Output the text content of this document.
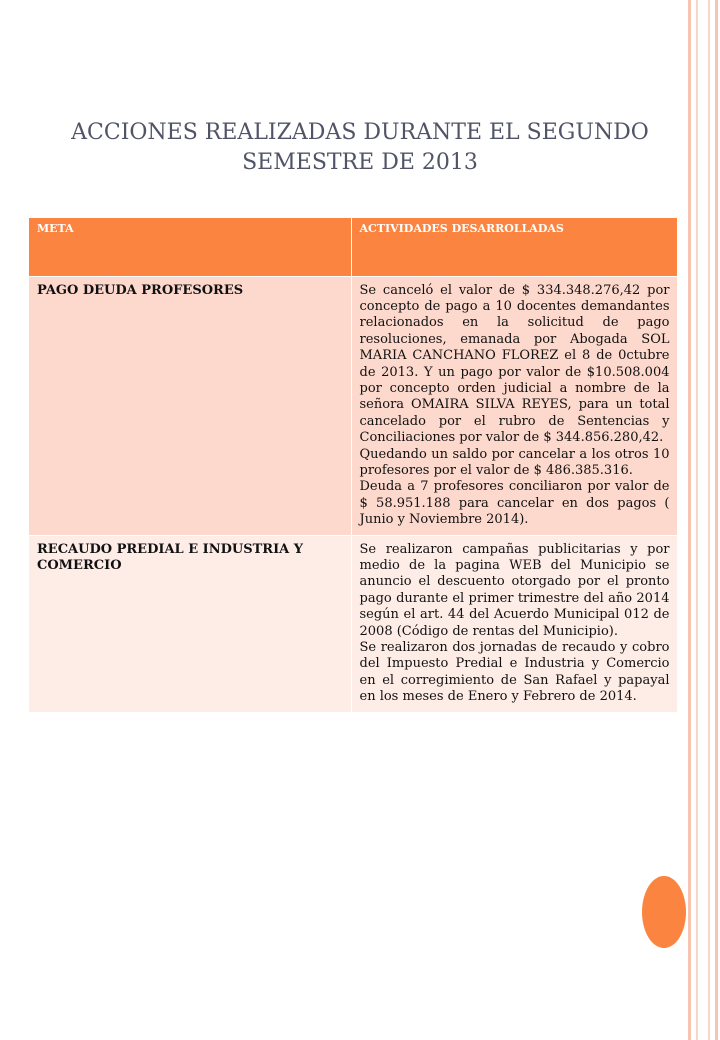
ACCIONES REALIZADAS DURANTE EL SEGUNDO SEMESTRE DE 2013
META	ACTIVIDADES DESARROLLADAS
PAGO DEUDA PROFESORES	Se canceló el valor de $ 334.348.276,42 por concepto de pago a 10 docentes demandantes relacionados en la solicitud de pago resoluciones, emanada por Abogada SOL MARIA CANCHANO FLOREZ el 8 de 0ctubre de 2013. Y un pago por valor de $10.508.004 por concepto orden judicial a nombre de la señora OMAIRA SILVA REYES, para un total cancelado por el rubro de Sentencias y Conciliaciones por valor de $ 344.856.280,42.

Quedando un saldo por cancelar a los otros 10 profesores por el valor de $ 486.385.316.

Deuda a 7 profesores conciliaron por valor de $ 58.951.188 para cancelar en dos pagos ( Junio y Noviembre 2014).

RECAUDO PREDIAL E INDUSTRIA Y COMERCIO	Se realizaron campañas publicitarias y por medio de la pagina WEB del Municipio se anuncio el descuento otorgado por el pronto pago durante el primer trimestre del año 2014 según el art. 44 del Acuerdo Municipal 012 de 2008 (Código de rentas del Municipio).

Se realizaron dos jornadas de recaudo y cobro del Impuesto Predial e Industria y Comercio en el corregimiento de San Rafael y papayal en los meses de Enero y Febrero de 2014.
